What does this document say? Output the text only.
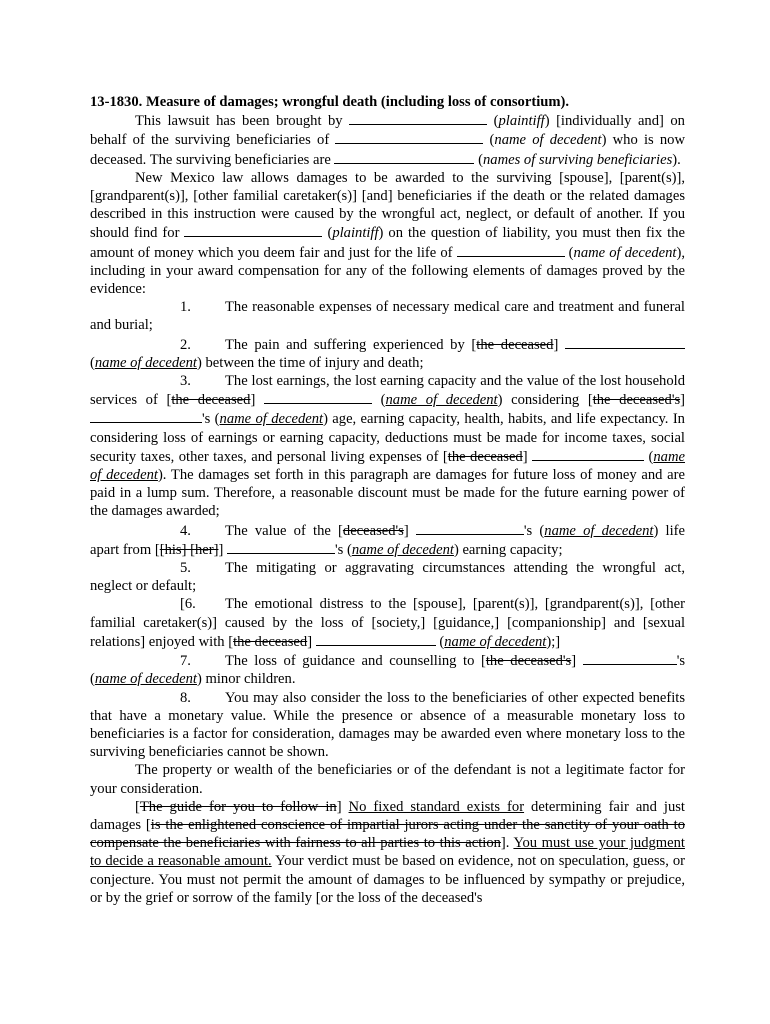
13-1830. Measure of damages; wrongful death (including loss of consortium).

This lawsuit has been brought by	(plaintiff) [individually and] on behalf of the surviving beneficiaries of	(name of decedent) who is now deceased. The surviving beneficiaries are	(names of surviving beneficiaries).

New Mexico law allows damages to be awarded to the surviving [spouse], [parent(s)], [grandparent(s)], [other familial caretaker(s)] [and] beneficiaries if the death or the related damages described in this instruction were caused by the wrongful act, neglect, or default of another. If you should find for	(plaintiff) on the question of liability, you must then fix the amount of money which you deem fair and just for the life of	(name of decedent), including in your award compensation for any of the following elements of damages proved by the evidence:

1. The reasonable expenses of necessary medical care and treatment and funeral and burial;

2. The pain and suffering experienced by [the deceased]  (name of decedent) between the time of injury and death;

3. The lost earnings, the lost earning capacity and the value of the lost household services of [the deceased]	(name of decedent) considering [the deceased's] 's (name of decedent) age, earning capacity, health, habits, and life expectancy. In considering loss of earnings or earning capacity, deductions must be made for income taxes, social security taxes, other taxes, and personal living expenses of [the deceased]	(name of decedent). The damages set forth in this paragraph are damages for future loss of money and are paid in a lump sum. Therefore, a reasonable discount must be made for the future earning power of the damages awarded;

4. The value of the [deceased's]	's (name of decedent) life apart from [[his] [her]]	's (name of decedent) earning capacity;

5. The mitigating or aggravating circumstances attending the wrongful act, neglect or default;

[6. The emotional distress to the [spouse], [parent(s)], [grandparent(s)], [other familial caretaker(s)] caused by the loss of [society,] [guidance,] [companionship] and [sexual relations] enjoyed with [the deceased]	(name of decedent);]

7. The loss of guidance and counselling to [the deceased's]	's (name of decedent) minor children.

8. You may also consider the loss to the beneficiaries of other expected benefits that have a monetary value. While the presence or absence of a measurable monetary loss to beneficiaries is a factor for consideration, damages may be awarded even where monetary loss to the surviving beneficiaries cannot be shown.

The property or wealth of the beneficiaries or of the defendant is not a legitimate factor for your consideration.

[The guide for you to follow in] No fixed standard exists for determining fair and just damages [is the enlightened conscience of impartial jurors acting under the sanctity of your oath to compensate the beneficiaries with fairness to all parties to this action]. You must use your judgment to decide a reasonable amount. Your verdict must be based on evidence, not on speculation, guess, or conjecture. You must not permit the amount of damages to be influenced by sympathy or prejudice, or by the grief or sorrow of the family [or the loss of the deceased's
